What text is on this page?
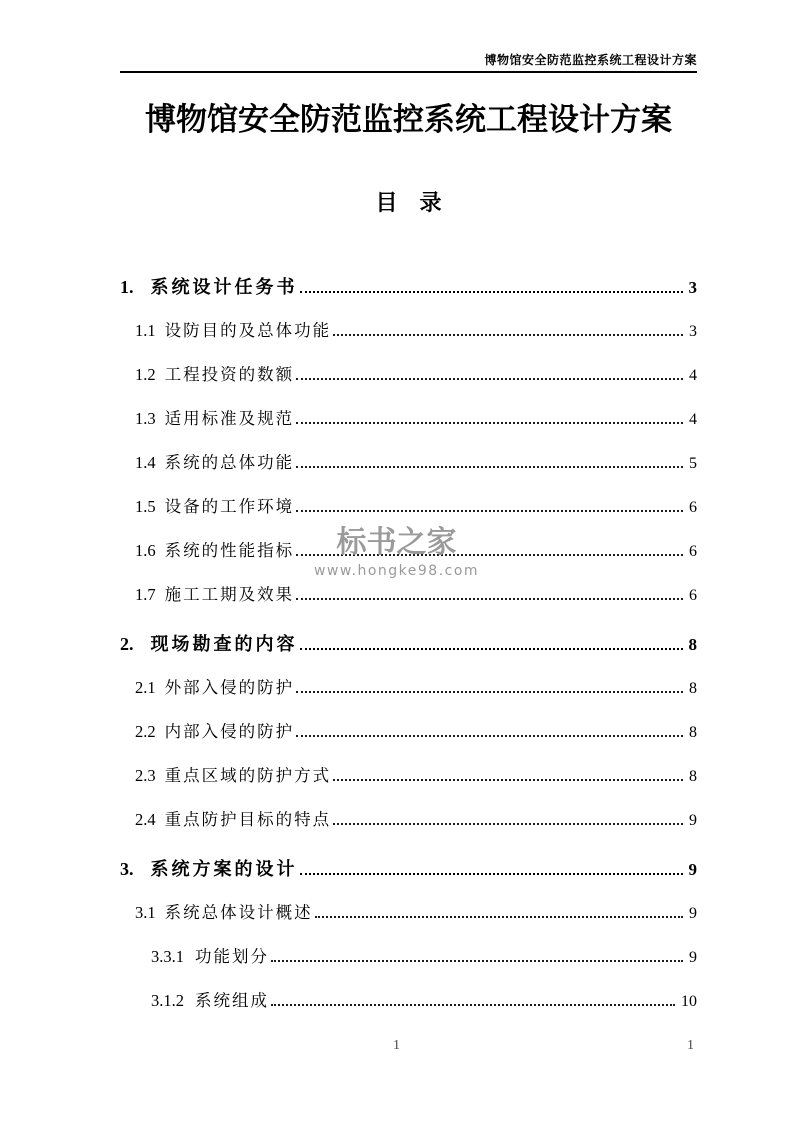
博物馆安全防范监控系统工程设计方案
博物馆安全防范监控系统工程设计方案
目　录
1. 系统设计任务书	3
1.1 设防目的及总体功能	3
1.2 工程投资的数额	4
1.3 适用标准及规范	4
1.4 系统的总体功能	5
1.5 设备的工作环境	6
1.6 系统的性能指标	6
1.7 施工工期及效果	6
2. 现场勘查的内容	8
2.1 外部入侵的防护	8
2.2 内部入侵的防护	8
2.3 重点区域的防护方式	8
2.4 重点防护目标的特点	9
3. 系统方案的设计	9
3.1 系统总体设计概述	9
3.3.1 功能划分	9
3.1.2 系统组成	10
标书之家
www.hongke98.com
1	1
